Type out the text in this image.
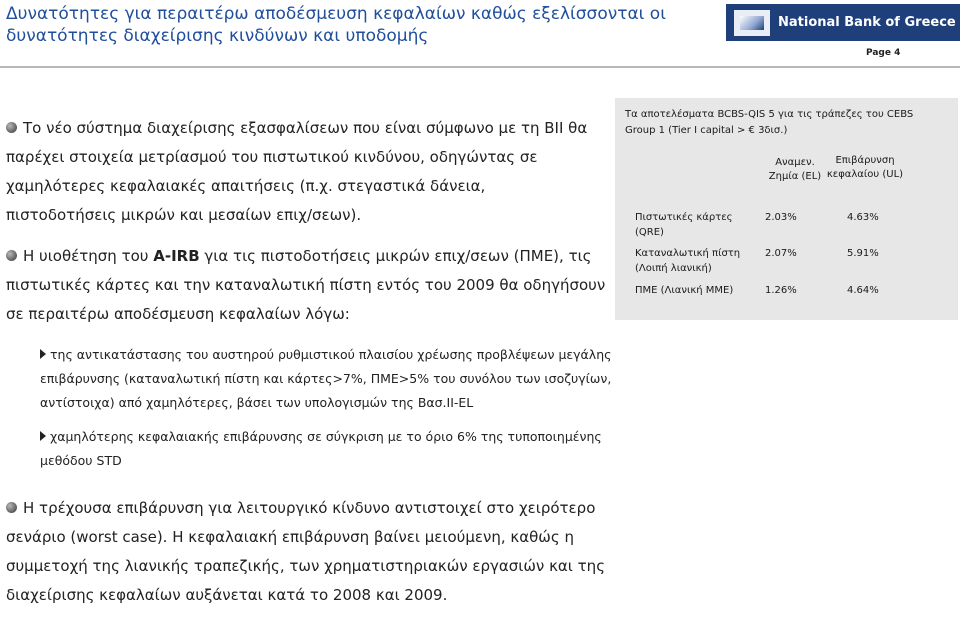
Δυνατότητες για περαιτέρω αποδέσμευση κεφαλαίων καθώς εξελίσσονται οι δυνατότητες διαχείρισης κινδύνων και υποδομής
National Bank of Greece
Page 4
Το νέο σύστημα διαχείρισης εξασφαλίσεων που είναι σύμφωνο με τη BII θα παρέχει στοιχεία μετρίασμού του πιστωτικού κινδύνου, οδηγώντας σε χαμηλότερες κεφαλαιακές απαιτήσεις (π.χ. στεγαστικά δάνεια, πιστοδοτήσεις μικρών και μεσαίων επιχ/σεων).
Η υιοθέτηση του A-IRB για τις πιστοδοτήσεις μικρών επιχ/σεων (ΠΜΕ), τις πιστωτικές κάρτες και την καταναλωτική πίστη εντός του 2009 θα οδηγήσουν σε περαιτέρω αποδέσμευση κεφαλαίων λόγω:
της αντικατάστασης του αυστηρού ρυθμιστικού πλαισίου χρέωσης προβλέψεων μεγάλης επιβάρυνσης (καταναλωτική πίστη και κάρτες>7%, ΠΜΕ>5% του συνόλου των ισοζυγίων, αντίστοιχα) από χαμηλότερες, βάσει των υπολογισμών της Βασ.II-EL
χαμηλότερης κεφαλαιακής επιβάρυνσης σε σύγκριση με το όριο 6% της τυποποιημένης μεθόδου STD
Η τρέχουσα επιβάρυνση για λειτουργικό κίνδυνο αντιστοιχεί στο χειρότερο σενάριο (worst case). Η κεφαλαιακή επιβάρυνση βαίνει μειούμενη, καθώς η συμμετοχή της λιανικής τραπεζικής, των χρηματιστηριακών εργασιών και της διαχείρισης κεφαλαίων αυξάνεται κατά το 2008 και 2009.
Τα αποτελέσματα BCBS-QIS 5 για τις τράπεζες του CEBS Group 1 (Tier I capital > € 3δισ.)
Αναμεν. Ζημία (EL)
Επιβάρυνση κεφαλαίου (UL)
Πιστωτικές κάρτες (QRE)
2.03%	4.63%
Καταναλωτική πίστη (Λοιπή λιανική)
2.07%	5.91%
ΠΜΕ (Λιανική ΜΜΕ)	1.26%	4.64%
